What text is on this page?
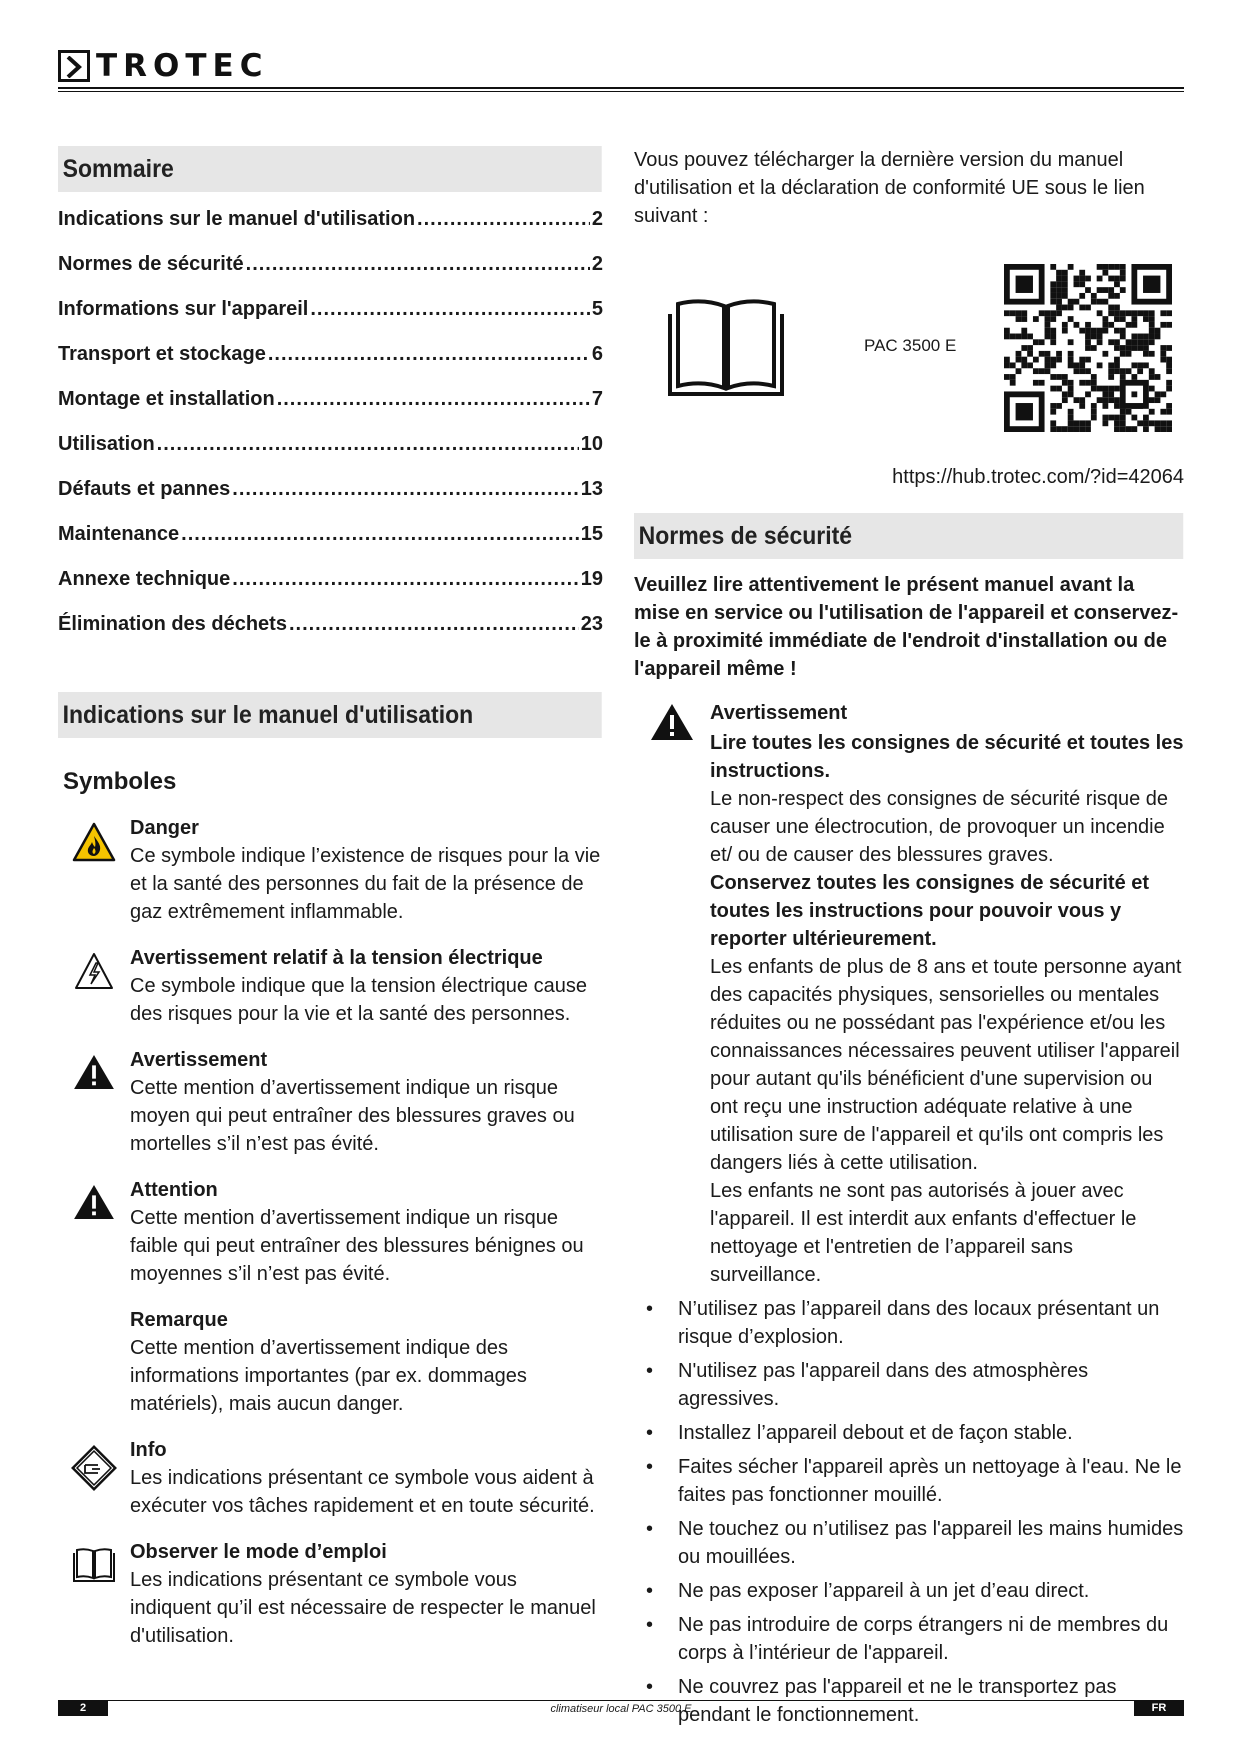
TROTEC
Sommaire
Indications sur le manuel d'utilisation .....	2
Normes de sécurité .....	2
Informations sur l'appareil .....	5
Transport et stockage .....	6
Montage et installation .....	7
Utilisation .....	10
Défauts et pannes .....	13
Maintenance .....	15
Annexe technique .....	19
Élimination des déchets .....	23
Indications sur le manuel d'utilisation
Symboles
Danger
Ce symbole indique l’existence de risques pour la vie et la santé des personnes du fait de la présence de gaz extrêmement inflammable.
Avertissement relatif à la tension électrique
Ce symbole indique que la tension électrique cause des risques pour la vie et la santé des personnes.
Avertissement
Cette mention d’avertissement indique un risque moyen qui peut entraîner des blessures graves ou mortelles s’il n’est pas évité.
Attention
Cette mention d’avertissement indique un risque faible qui peut entraîner des blessures bénignes ou moyennes s’il n’est pas évité.
Remarque
Cette mention d’avertissement indique des informations importantes (par ex. dommages matériels), mais aucun danger.
Info
Les indications présentant ce symbole vous aident à exécuter vos tâches rapidement et en toute sécurité.
Observer le mode d’emploi
Les indications présentant ce symbole vous indiquent qu’il est nécessaire de respecter le manuel d'utilisation.
Vous pouvez télécharger la dernière version du manuel d'utilisation et la déclaration de conformité UE sous le lien suivant :
PAC 3500 E
https://hub.trotec.com/?id=42064
Normes de sécurité
Veuillez lire attentivement le présent manuel avant la mise en service ou l'utilisation de l'appareil et conservez-le à proximité immédiate de l'endroit d'installation ou de l'appareil même !
Avertissement
Lire toutes les consignes de sécurité et toutes les instructions.
Le non-respect des consignes de sécurité risque de causer une électrocution, de provoquer un incendie et/ ou de causer des blessures graves.
Conservez toutes les consignes de sécurité et toutes les instructions pour pouvoir vous y reporter ultérieurement.
Les enfants de plus de 8 ans et toute personne ayant des capacités physiques, sensorielles ou mentales réduites ou ne possédant pas l'expérience et/ou les connaissances nécessaires peuvent utiliser l'appareil pour autant qu'ils bénéficient d'une supervision ou ont reçu une instruction adéquate relative à une utilisation sure de l'appareil et qu'ils ont compris les dangers liés à cette utilisation.
Les enfants ne sont pas autorisés à jouer avec l'appareil. Il est interdit aux enfants d'effectuer le nettoyage et l'entretien de l’appareil sans surveillance.
• N’utilisez pas l’appareil dans des locaux présentant un risque d’explosion.
• N'utilisez pas l'appareil dans des atmosphères agressives.
• Installez l’appareil debout et de façon stable.
• Faites sécher l'appareil après un nettoyage à l'eau. Ne le faites pas fonctionner mouillé.
• Ne touchez ou n’utilisez pas l'appareil les mains humides ou mouillées.
• Ne pas exposer l’appareil à un jet d’eau direct.
• Ne pas introduire de corps étrangers ni de membres du corps à l’intérieur de l'appareil.
• Ne couvrez pas l'appareil et ne le transportez pas pendant le fonctionnement.
2	climatiseur local PAC 3500 E	FR
